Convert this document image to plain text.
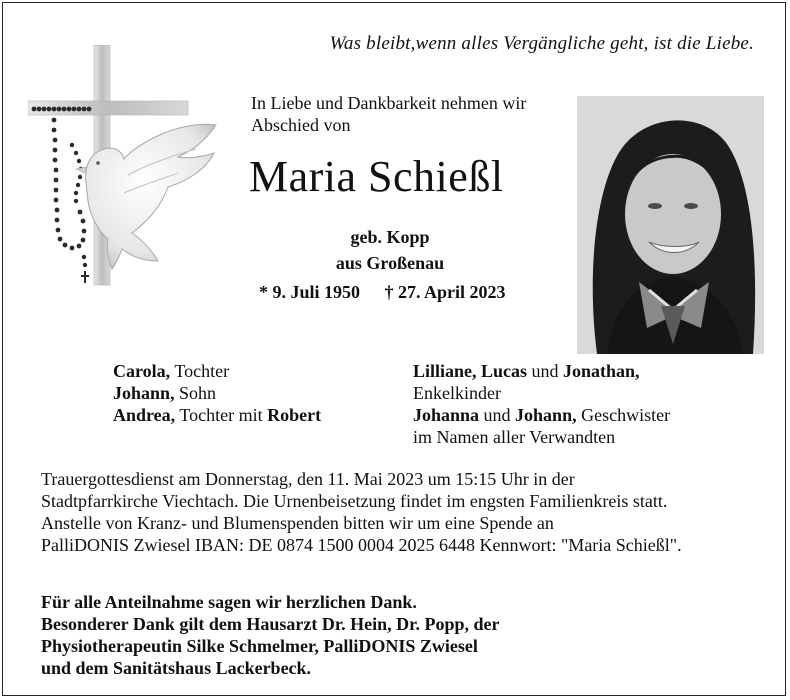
Was bleibt,wenn alles Vergängliche geht, ist die Liebe.
In Liebe und Dankbarkeit nehmen wir
Abschied von
Maria Schießl
geb. Kopp
aus Großenau
* 9. Juli 1950 † 27. April 2023
Carola, Tochter
Johann, Sohn
Andrea, Tochter mit Robert
Lilliane, Lucas und Jonathan,
Enkelkinder
Johanna und Johann, Geschwister
im Namen aller Verwandten
Trauergottesdienst am Donnerstag, den 11. Mai 2023 um 15:15 Uhr in der
Stadtpfarrkirche Viechtach. Die Urnenbeisetzung findet im engsten Familienkreis statt.
Anstelle von Kranz- und Blumenspenden bitten wir um eine Spende an
PalliDONIS Zwiesel IBAN: DE 0874 1500 0004 2025 6448 Kennwort: "Maria Schießl".
Für alle Anteilnahme sagen wir herzlichen Dank.
Besonderer Dank gilt dem Hausarzt Dr. Hein, Dr. Popp, der
Physiotherapeutin Silke Schmelmer, PalliDONIS Zwiesel
und dem Sanitätshaus Lackerbeck.
